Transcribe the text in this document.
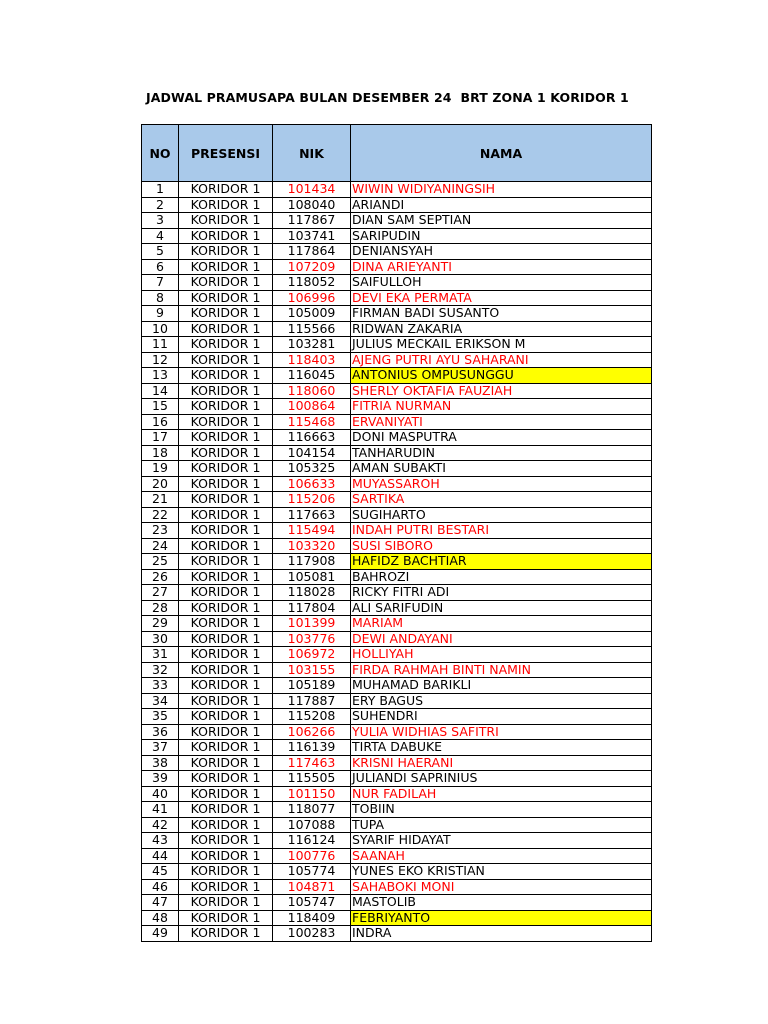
JADWAL PRAMUSAPA BULAN DESEMBER 24  BRT ZONA 1 KORIDOR 1
NO	PRESENSI	NIK	NAMA
1	KORIDOR 1	101434	WIWIN WIDIYANINGSIH
2	KORIDOR 1	108040	ARIANDI
3	KORIDOR 1	117867	DIAN SAM SEPTIAN
4	KORIDOR 1	103741	SARIPUDIN
5	KORIDOR 1	117864	DENIANSYAH
6	KORIDOR 1	107209	DINA ARIEYANTI
7	KORIDOR 1	118052	SAIFULLOH
8	KORIDOR 1	106996	DEVI EKA PERMATA
9	KORIDOR 1	105009	FIRMAN BADI SUSANTO
10	KORIDOR 1	115566	RIDWAN ZAKARIA
11	KORIDOR 1	103281	JULIUS MECKAIL ERIKSON M
12	KORIDOR 1	118403	AJENG PUTRI AYU SAHARANI
13	KORIDOR 1	116045	ANTONIUS OMPUSUNGGU
14	KORIDOR 1	118060	SHERLY OKTAFIA FAUZIAH
15	KORIDOR 1	100864	FITRIA NURMAN
16	KORIDOR 1	115468	ERVANIYATI
17	KORIDOR 1	116663	DONI MASPUTRA
18	KORIDOR 1	104154	TANHARUDIN
19	KORIDOR 1	105325	AMAN SUBAKTI
20	KORIDOR 1	106633	MUYASSAROH
21	KORIDOR 1	115206	SARTIKA
22	KORIDOR 1	117663	SUGIHARTO
23	KORIDOR 1	115494	INDAH PUTRI BESTARI
24	KORIDOR 1	103320	SUSI SIBORO
25	KORIDOR 1	117908	HAFIDZ BACHTIAR
26	KORIDOR 1	105081	BAHROZI
27	KORIDOR 1	118028	RICKY FITRI ADI
28	KORIDOR 1	117804	ALI SARIFUDIN
29	KORIDOR 1	101399	MARIAM
30	KORIDOR 1	103776	DEWI ANDAYANI
31	KORIDOR 1	106972	HOLLIYAH
32	KORIDOR 1	103155	FIRDA RAHMAH BINTI NAMIN
33	KORIDOR 1	105189	MUHAMAD BARIKLI
34	KORIDOR 1	117887	ERY BAGUS
35	KORIDOR 1	115208	SUHENDRI
36	KORIDOR 1	106266	YULIA WIDHIAS SAFITRI
37	KORIDOR 1	116139	TIRTA DABUKE
38	KORIDOR 1	117463	KRISNI HAERANI
39	KORIDOR 1	115505	JULIANDI SAPRINIUS
40	KORIDOR 1	101150	NUR FADILAH
41	KORIDOR 1	118077	TOBIIN
42	KORIDOR 1	107088	TUPA
43	KORIDOR 1	116124	SYARIF HIDAYAT
44	KORIDOR 1	100776	SAANAH
45	KORIDOR 1	105774	YUNES EKO KRISTIAN
46	KORIDOR 1	104871	SAHABOKI MONI
47	KORIDOR 1	105747	MASTOLIB
48	KORIDOR 1	118409	FEBRIYANTO
49	KORIDOR 1	100283	INDRA
